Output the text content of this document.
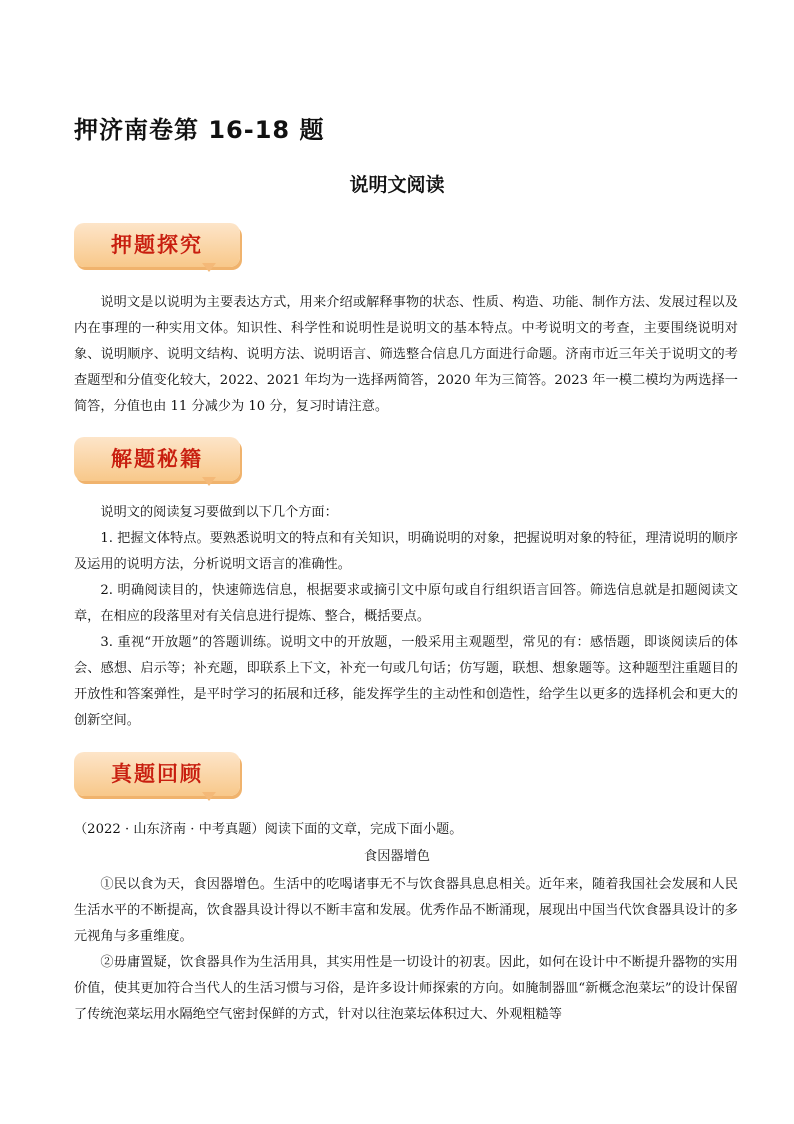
押济南卷第 16-18 题
说明文阅读
押题探究

说明文是以说明为主要表达方式，用来介绍或解释事物的状态、性质、构造、功能、制作方法、发展过程以及内在事理的一种实用文体。知识性、科学性和说明性是说明文的基本特点。中考说明文的考查，主要围绕说明对象、说明顺序、说明文结构、说明方法、说明语言、筛选整合信息几方面进行命题。济南市近三年关于说明文的考查题型和分值变化较大，2022、2021 年均为一选择两简答，2020 年为三简答。2023 年一模二模均为两选择一简答，分值也由 11 分减少为 10 分，复习时请注意。

解题秘籍

说明文的阅读复习要做到以下几个方面：

1. 把握文体特点。要熟悉说明文的特点和有关知识，明确说明的对象，把握说明对象的特征，理清说明的顺序及运用的说明方法，分析说明文语言的准确性。

2. 明确阅读目的，快速筛选信息，根据要求或摘引文中原句或自行组织语言回答。筛选信息就是扣题阅读文章，在相应的段落里对有关信息进行提炼、整合，概括要点。

3. 重视“开放题”的答题训练。说明文中的开放题，一般采用主观题型，常见的有：感悟题，即谈阅读后的体会、感想、启示等；补充题，即联系上下文，补充一句或几句话；仿写题，联想、想象题等。这种题型注重题目的开放性和答案弹性，是平时学习的拓展和迁移，能发挥学生的主动性和创造性，给学生以更多的选择机会和更大的创新空间。

真题回顾

（2022 · 山东济南 · 中考真题）阅读下面的文章，完成下面小题。

食因器增色

①民以食为天，食因器增色。生活中的吃喝诸事无不与饮食器具息息相关。近年来，随着我国社会发展和人民生活水平的不断提高，饮食器具设计得以不断丰富和发展。优秀作品不断涌现，展现出中国当代饮食器具设计的多元视角与多重维度。

②毋庸置疑，饮食器具作为生活用具，其实用性是一切设计的初衷。因此，如何在设计中不断提升器物的实用价值，使其更加符合当代人的生活习惯与习俗，是许多设计师探索的方向。如腌制器皿“新概念泡菜坛”的设计保留了传统泡菜坛用水隔绝空气密封保鲜的方式，针对以往泡菜坛体积过大、外观粗糙等
